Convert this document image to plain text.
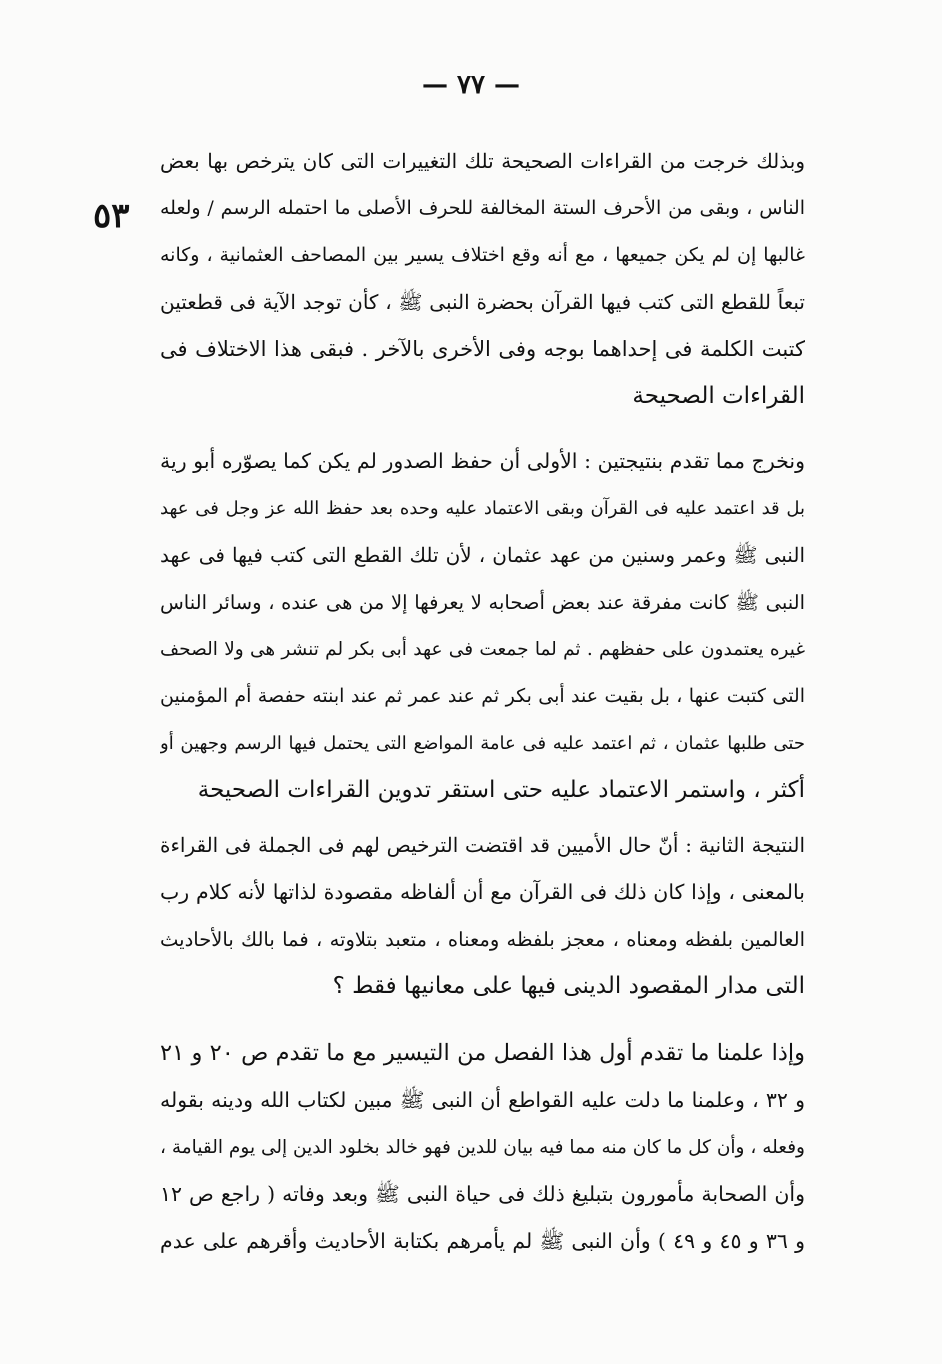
— ٧٧ —
٥٣
وبذلك خرجت من القراءات الصحيحة تلك التغييرات التى كان يترخص بها بعض
الناس ، وبقى من الأحرف الستة المخالفة للحرف الأصلى ما احتمله الرسم / ولعله
غالبها إن لم يكن جميعها ، مع أنه وقع اختلاف يسير بين المصاحف العثمانية ، وكانه
تبعاً للقطع التى كتب فيها القرآن بحضرة النبى ﷺ ، كأن توجد الآية فى قطعتين
كتبت الكلمة فى إحداهما بوجه وفى الأخرى بالآخر . فبقى هذا الاختلاف فى
القراءات الصحيحة
ونخرج مما تقدم بنتيجتين : الأولى أن حفظ الصدور لم يكن كما يصوّره أبو رية
بل قد اعتمد عليه فى القرآن وبقى الاعتماد عليه وحده بعد حفظ الله عز وجل فى عهد
النبى ﷺ وعمر وسنين من عهد عثمان ، لأن تلك القطع التى كتب فيها فى عهد
النبى ﷺ كانت مفرقة عند بعض أصحابه لا يعرفها إلا من هى عنده ، وسائر الناس
غيره يعتمدون على حفظهم . ثم لما جمعت فى عهد أبى بكر لم تنشر هى ولا الصحف
التى كتبت عنها ، بل بقيت عند أبى بكر ثم عند عمر ثم عند ابنته حفصة أم المؤمنين
حتى طلبها عثمان ، ثم اعتمد عليه فى عامة المواضع التى يحتمل فيها الرسم وجهين أو
أكثر ، واستمر الاعتماد عليه حتى استقر تدوين القراءات الصحيحة
النتيجة الثانية : أنّ حال الأميين قد اقتضت الترخيص لهم فى الجملة فى القراءة
بالمعنى ، وإذا كان ذلك فى القرآن مع أن ألفاظه مقصودة لذاتها لأنه كلام رب
العالمين بلفظه ومعناه ، معجز بلفظه ومعناه ، متعبد بتلاوته ، فما بالك بالأحاديث
التى مدار المقصود الدينى فيها على معانيها فقط ؟
وإذا علمنا ما تقدم أول هذا الفصل من التيسير مع ما تقدم ص ٢٠ و ٢١
و ٣٢ ، وعلمنا ما دلت عليه القواطع أن النبى ﷺ مبين لكتاب الله ودينه بقوله
وفعله ، وأن كل ما كان منه مما فيه بيان للدين فهو خالد بخلود الدين إلى يوم القيامة ،
وأن الصحابة مأمورون بتبليغ ذلك فى حياة النبى ﷺ وبعد وفاته ( راجع ص ١٢
و ٣٦ و ٤٥ و ٤٩ ) وأن النبى ﷺ لم يأمرهم بكتابة الأحاديث وأقرهم على عدم
